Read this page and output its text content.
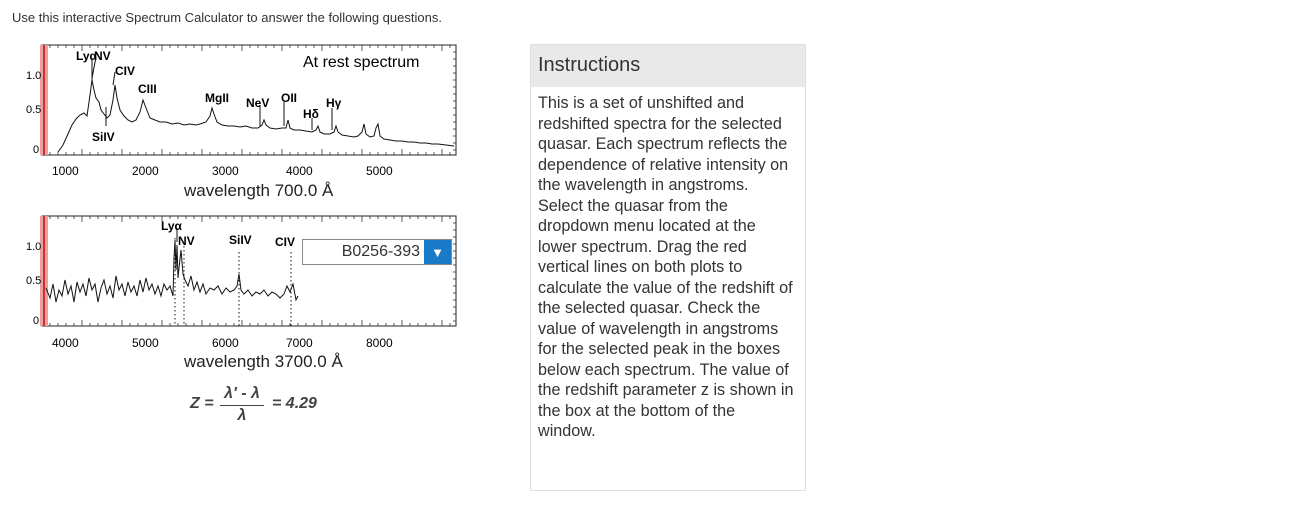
Use this interactive Spectrum Calculator to answer the following questions.
Lyα
NV
CIV
CIII
MgII NeV OII
Hδ
Hγ
SiIV
At rest spectrum
1.0
0.5
0
1000	2000	3000	4000	5000
Lyα
NV	SiIV CIV
1.0
0.5
0
4000	5000	6000	7000	8000
wavelength 700.0 Å
B0256-393 ▼
wavelength 3700.0 Å
Z =
λ' - λ
λ
= 4.29
Instructions
This is a set of unshifted and redshifted spectra for the selected quasar. Each spectrum reflects the dependence of relative intensity on the wavelength in angstroms. Select the quasar from the dropdown menu located at the lower spectrum. Drag the red vertical lines on both plots to calculate the value of the redshift of the selected quasar. Check the value of wavelength in angstroms for the selected peak in the boxes below each spectrum. The value of the redshift parameter z is shown in the box at the bottom of the window.
